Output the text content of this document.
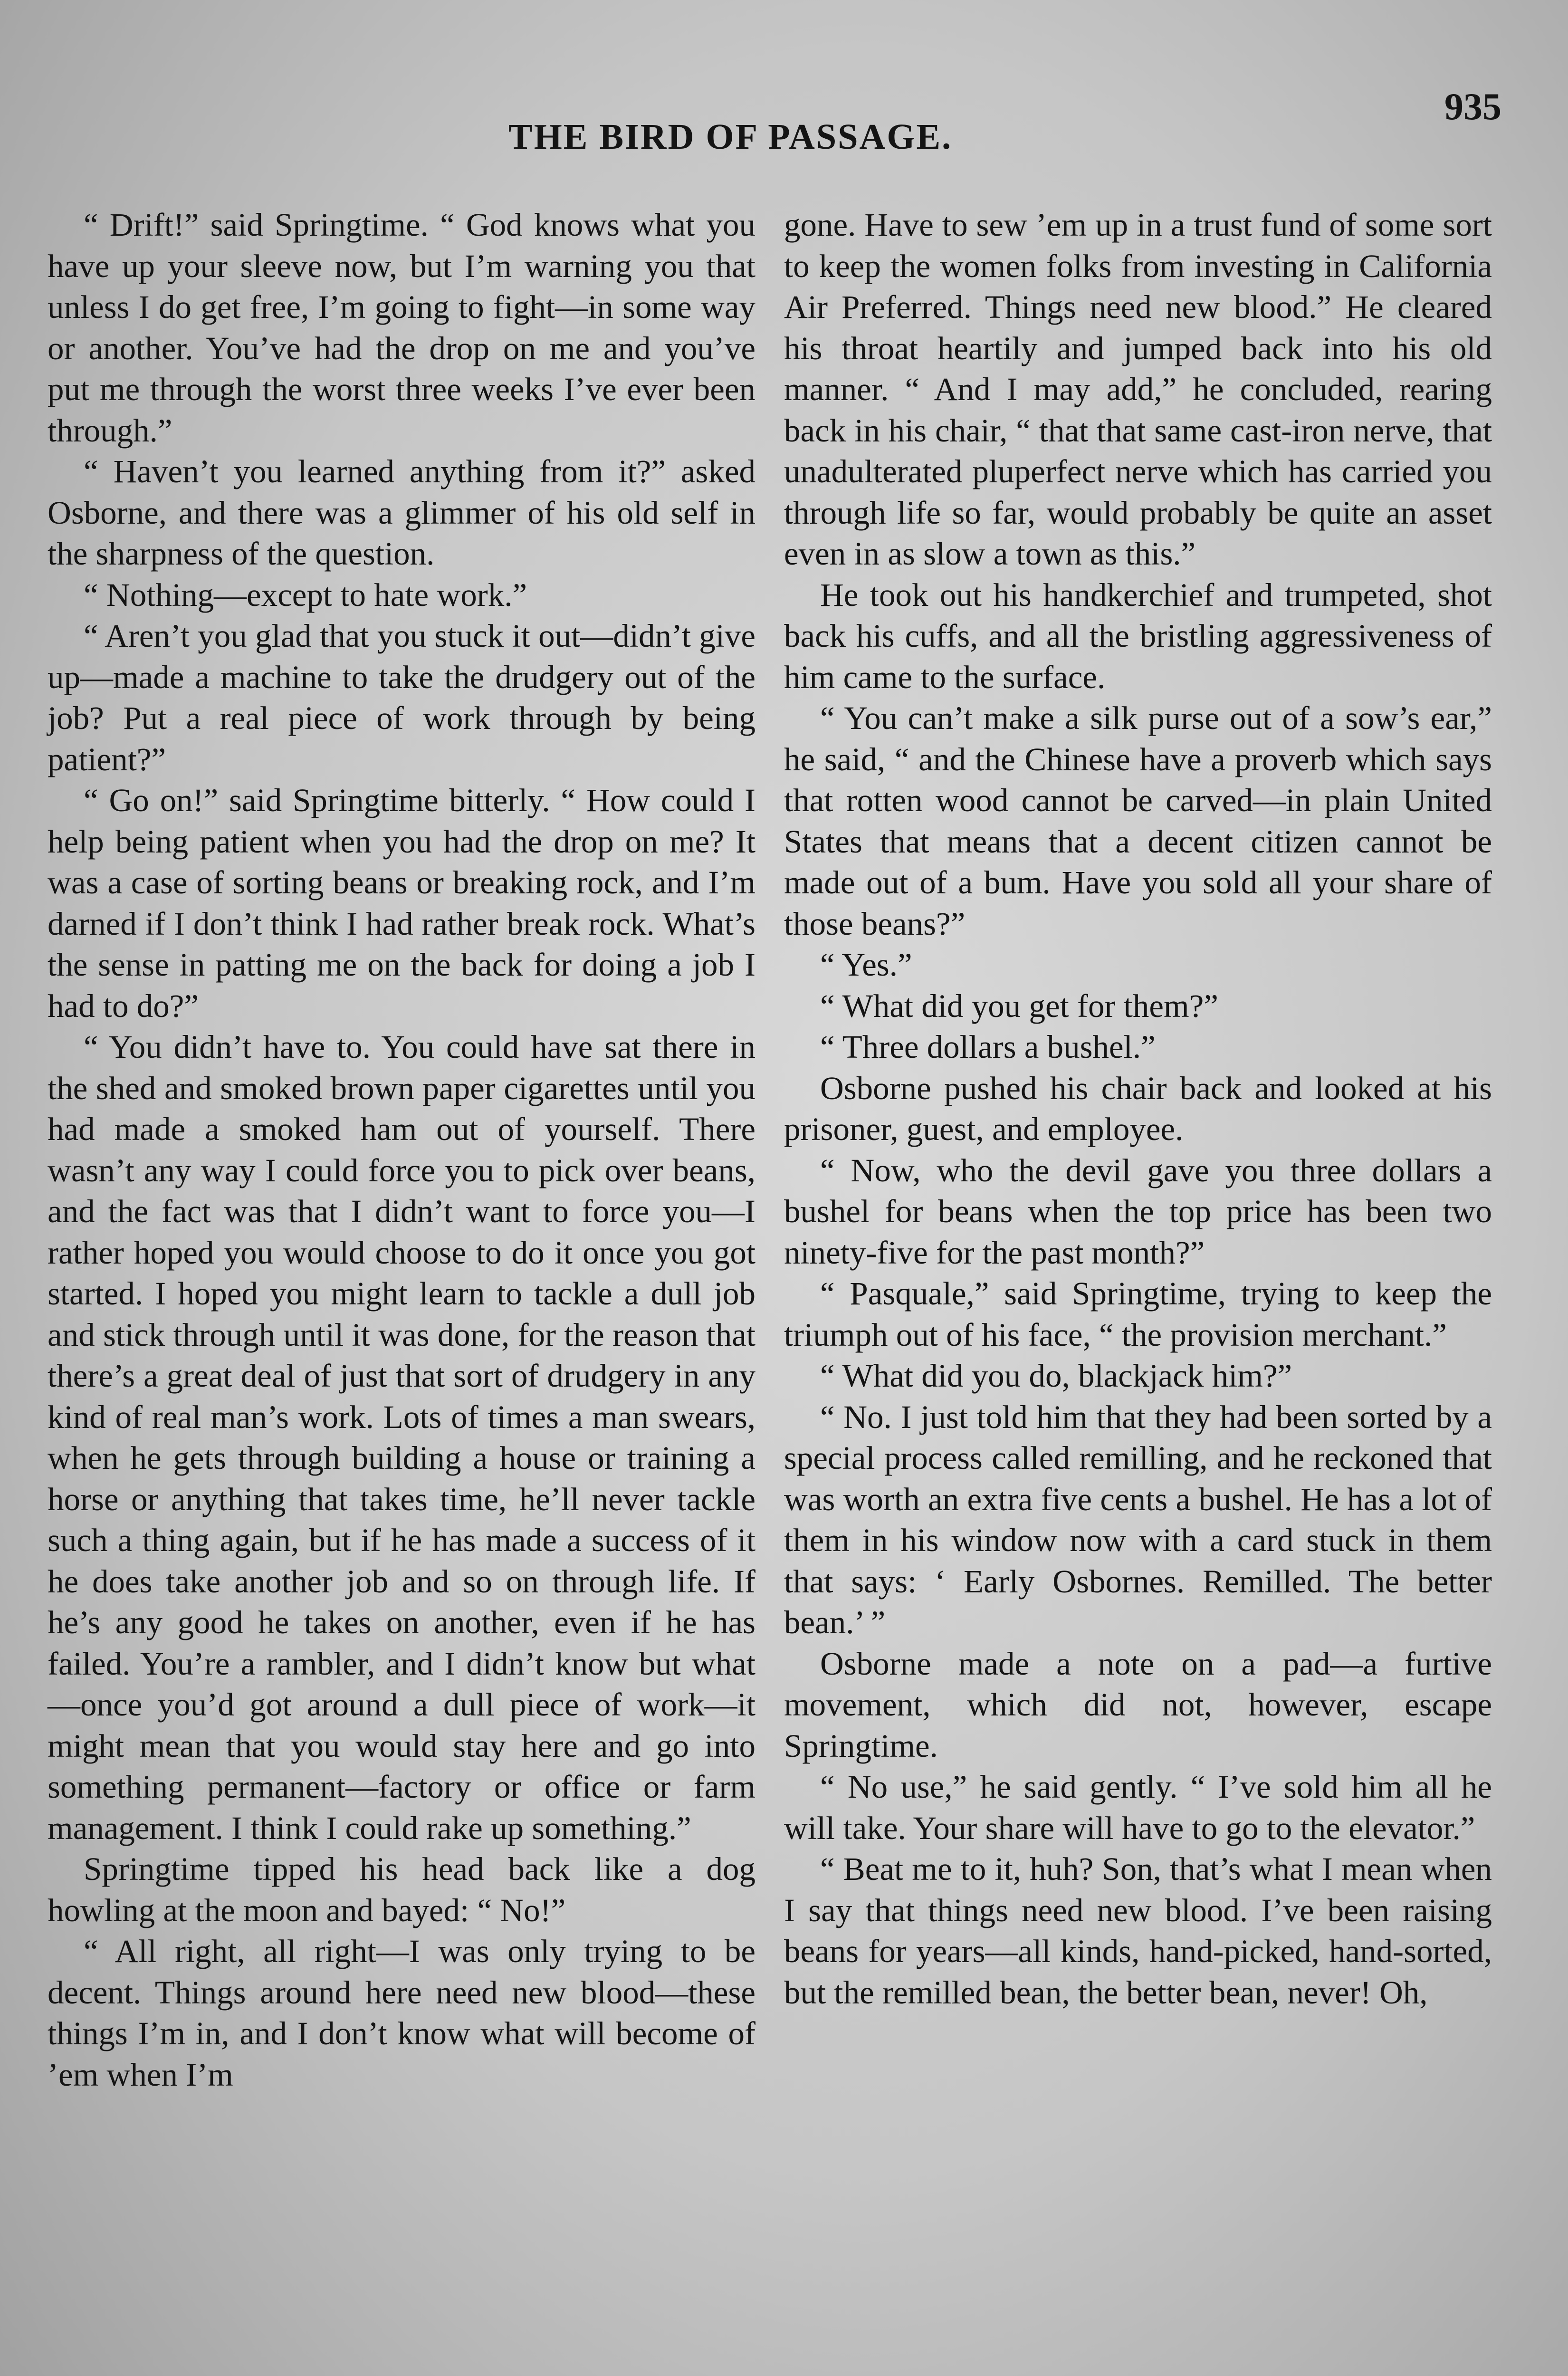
THE BIRD OF PASSAGE.
935

“ Drift!” said Springtime. “ God knows what you have up your sleeve now, but I’m warning you that unless I do get free, I’m going to fight—in some way or another. You’ve had the drop on me and you’ve put me through the worst three weeks I’ve ever been through.”

“ Haven’t you learned anything from it?” asked Osborne, and there was a glimmer of his old self in the sharpness of the question.

“ Nothing—except to hate work.”

“ Aren’t you glad that you stuck it out—didn’t give up—made a machine to take the drudgery out of the job? Put a real piece of work through by being patient?”

“ Go on!” said Springtime bitterly. “ How could I help being patient when you had the drop on me? It was a case of sorting beans or breaking rock, and I’m darned if I don’t think I had rather break rock. What’s the sense in patting me on the back for doing a job I had to do?”

“ You didn’t have to. You could have sat there in the shed and smoked brown paper cigarettes until you had made a smoked ham out of yourself. There wasn’t any way I could force you to pick over beans, and the fact was that I didn’t want to force you—I rather hoped you would choose to do it once you got started. I hoped you might learn to tackle a dull job and stick through until it was done, for the reason that there’s a great deal of just that sort of drudgery in any kind of real man’s work. Lots of times a man swears, when he gets through building a house or training a horse or anything that takes time, he’ll never tackle such a thing again, but if he has made a success of it he does take another job and so on through life. If he’s any good he takes on another, even if he has failed. You’re a rambler, and I didn’t know but what—once you’d got around a dull piece of work—it might mean that you would stay here and go into something permanent—factory or office or farm management. I think I could rake up something.”

Springtime tipped his head back like a dog howling at the moon and bayed: “ No!”

“ All right, all right—I was only trying to be decent. Things around here need new blood—these things I’m in, and I don’t know what will become of ’em when I’m

gone. Have to sew ’em up in a trust fund of some sort to keep the women folks from investing in California Air Preferred. Things need new blood.” He cleared his throat heartily and jumped back into his old manner. “ And I may add,” he concluded, rearing back in his chair, “ that that same cast-iron nerve, that unadulterated pluperfect nerve which has carried you through life so far, would probably be quite an asset even in as slow a town as this.”

He took out his handkerchief and trumpeted, shot back his cuffs, and all the bristling aggressiveness of him came to the surface.

“ You can’t make a silk purse out of a sow’s ear,” he said, “ and the Chinese have a proverb which says that rotten wood cannot be carved—in plain United States that means that a decent citizen cannot be made out of a bum. Have you sold all your share of those beans?”

“ Yes.”

“ What did you get for them?”

“ Three dollars a bushel.”

Osborne pushed his chair back and looked at his prisoner, guest, and employee.

“ Now, who the devil gave you three dollars a bushel for beans when the top price has been two ninety-five for the past month?”

“ Pasquale,” said Springtime, trying to keep the triumph out of his face, “ the provision merchant.”

“ What did you do, blackjack him?”

“ No. I just told him that they had been sorted by a special process called remilling, and he reckoned that was worth an extra five cents a bushel. He has a lot of them in his window now with a card stuck in them that says: ‘ Early Osbornes. Remilled. The better bean.’ ”

Osborne made a note on a pad—a furtive movement, which did not, however, escape Springtime.

“ No use,” he said gently. “ I’ve sold him all he will take. Your share will have to go to the elevator.”

“ Beat me to it, huh? Son, that’s what I mean when I say that things need new blood. I’ve been raising beans for years—all kinds, hand-picked, hand-sorted, but the remilled bean, the better bean, never! Oh,
